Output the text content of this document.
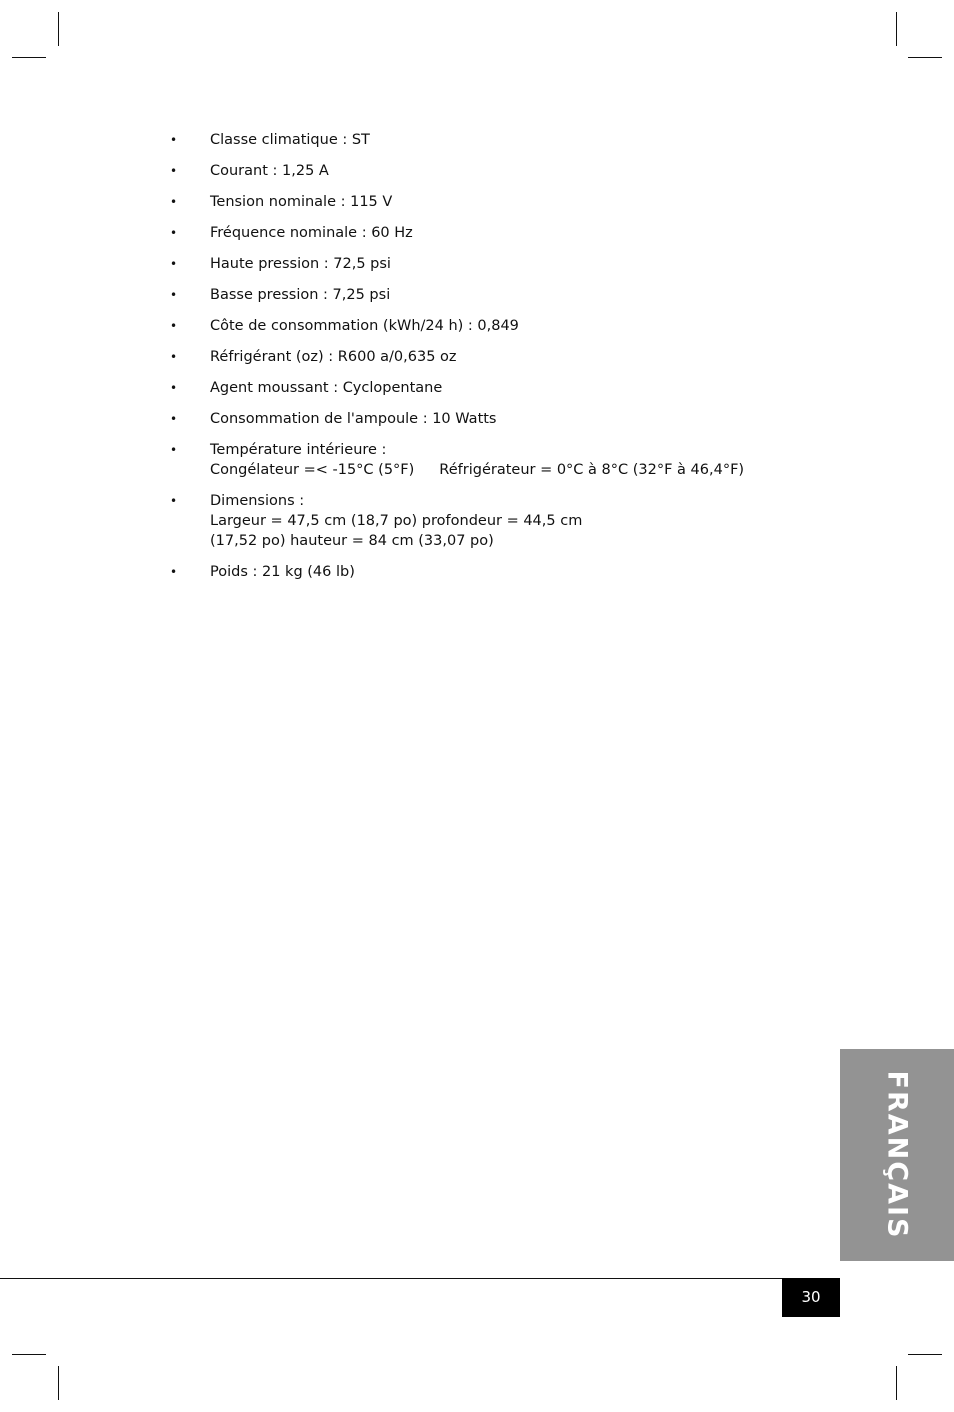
• Classe climatique : ST
• Courant : 1,25 A
• Tension nominale : 115 V
• Fréquence nominale : 60 Hz
• Haute pression : 72,5 psi
• Basse pression : 7,25 psi
• Côte de consommation (kWh/24 h) : 0,849
• Réfrigérant (oz) : R600 a/0,635 oz
• Agent moussant : Cyclopentane
• Consommation de l'ampoule : 10 Watts
• Température intérieure :
Congélateur =< -15°C (5°F) Réfrigérateur = 0°C à 8°C (32°F à 46,4°F)
• Dimensions :
Largeur = 47,5 cm (18,7 po) profondeur = 44,5 cm
(17,52 po) hauteur = 84 cm (33,07 po)
• Poids : 21 kg (46 lb)
FRANÇAIS
30
